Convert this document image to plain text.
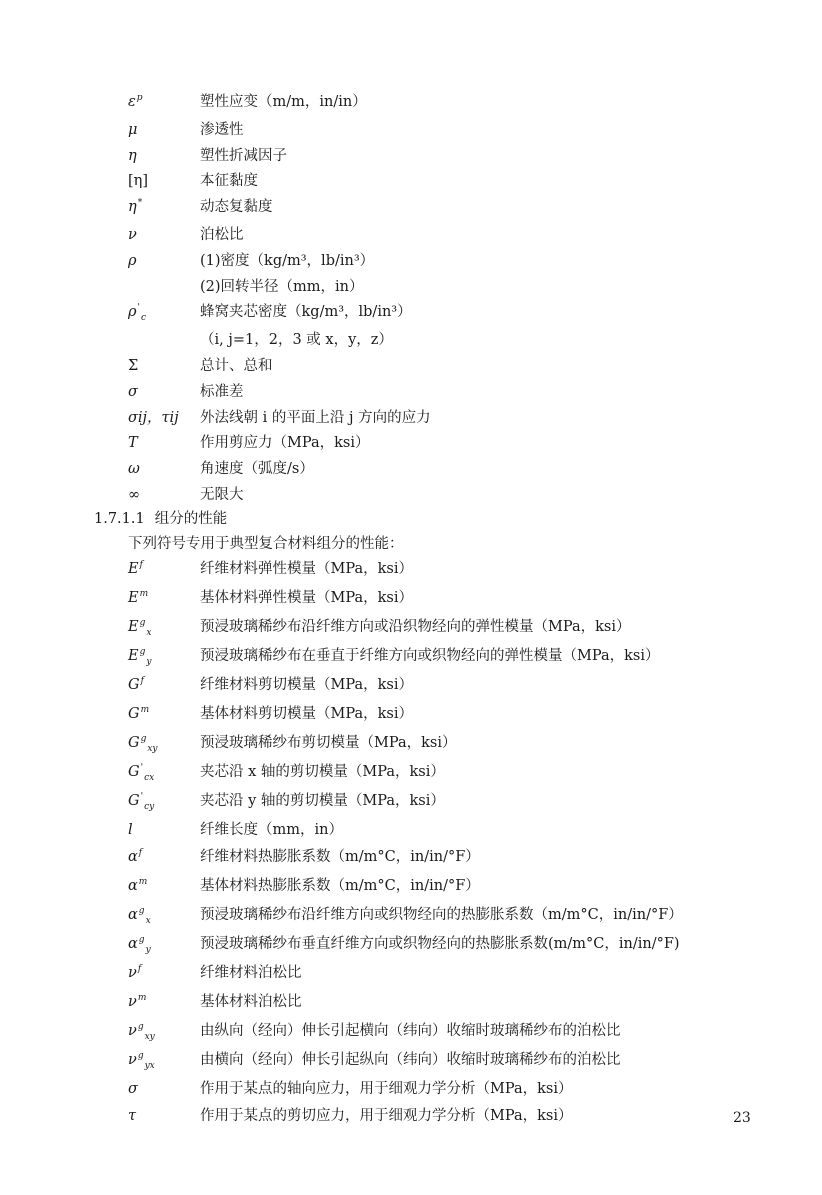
$\varepsilon^p$	塑性应变（m/m，in/in）
μ	渗透性
η	塑性折减因子
[η]	本征黏度
η*	动态复黏度
ν	泊松比
ρ	(1)密度（kg/m³，lb/in³）
(2)回转半径（mm，in）
$\rho'_c$	蜂窝夹芯密度（kg/m³，lb/in³）
（i, j=1，2，3 或 x，y，z）
Σ	总计、总和
σ	标准差
σij，τij	外法线朝 i 的平面上沿 j 方向的应力
T	作用剪应力（MPa，ksi）
ω	角速度（弧度/s）
∞	无限大
1.7.1.1 组分的性能
下列符号专用于典型复合材料组分的性能：
$E^f$	纤维材料弹性模量（MPa，ksi）
$E^m$	基体材料弹性模量（MPa，ksi）
$E^g_x$	预浸玻璃稀纱布沿纤维方向或沿织物经向的弹性模量（MPa，ksi）
$E^g_y$	预浸玻璃稀纱布在垂直于纤维方向或织物经向的弹性模量（MPa，ksi）
$G^f$	纤维材料剪切模量（MPa，ksi）
$G^m$	基体材料剪切模量（MPa，ksi）
$G^g_{xy}$	预浸玻璃稀纱布剪切模量（MPa，ksi）
$G'_{cx}$	夹芯沿 x 轴的剪切模量（MPa，ksi）
$G'_{cy}$	夹芯沿 y 轴的剪切模量（MPa，ksi）
l	纤维长度（mm，in）
$\alpha^f$	纤维材料热膨胀系数（m/m°C，in/in/°F）
$\alpha^m$	基体材料热膨胀系数（m/m°C，in/in/°F）
$\alpha^g_x$	预浸玻璃稀纱布沿纤维方向或织物经向的热膨胀系数（m/m°C，in/in/°F）
$\alpha^g_y$	预浸玻璃稀纱布垂直纤维方向或织物经向的热膨胀系数(m/m°C，in/in/°F)
$\nu^f$	纤维材料泊松比
$\nu^m$	基体材料泊松比
$\nu^g_{xy}$	由纵向（经向）伸长引起横向（纬向）收缩时玻璃稀纱布的泊松比
$\nu^g_{yx}$	由横向（经向）伸长引起纵向（纬向）收缩时玻璃稀纱布的泊松比
σ	作用于某点的轴向应力，用于细观力学分析（MPa，ksi）
τ	作用于某点的剪切应力，用于细观力学分析（MPa，ksi）	23
